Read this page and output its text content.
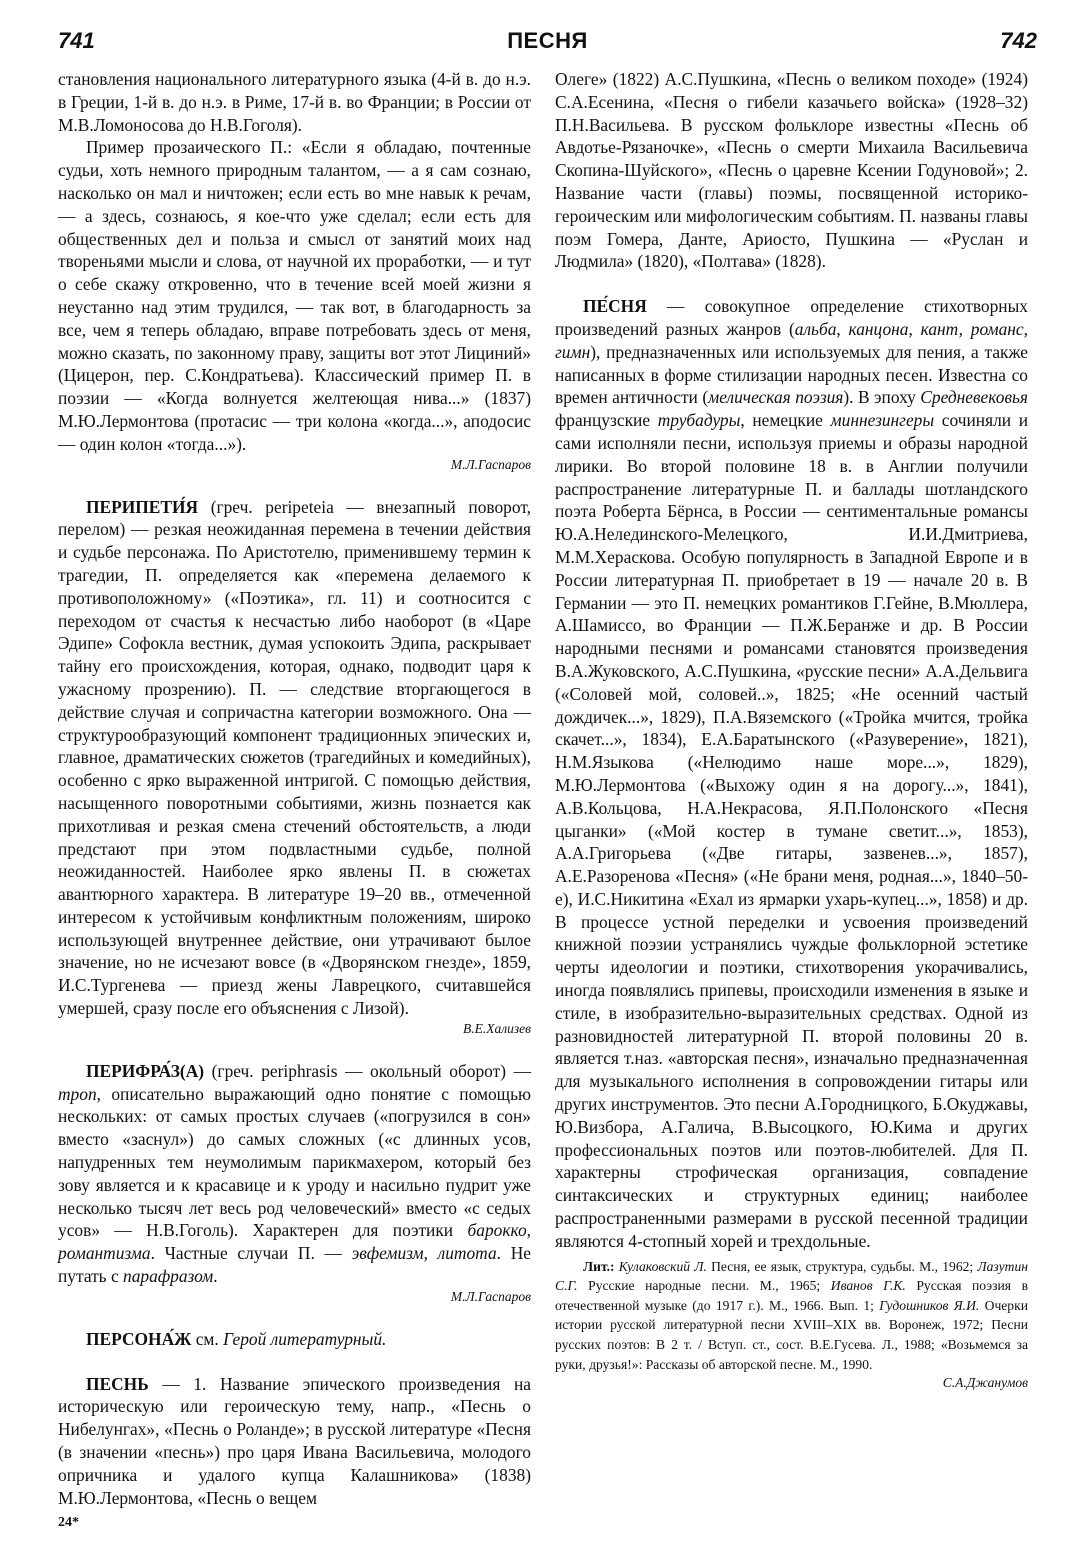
741	ПЕСНЯ	742

становления национального литературного языка (4-й в. до н.э. в Греции, 1-й в. до н.э. в Риме, 17-й в. во Франции; в России от М.В.Ломоносова до Н.В.Гоголя).

Пример прозаического П.: «Если я обладаю, почтенные судьи, хоть немного природным талантом, — а я сам сознаю, насколько он мал и ничтожен; если есть во мне навык к речам, — а здесь, сознаюсь, я кое-что уже сделал; если есть для общественных дел и польза и смысл от занятий моих над твореньями мысли и слова, от научной их проработки, — и тут о себе скажу откровенно, что в течение всей моей жизни я неустанно над этим трудился, — так вот, в благодарность за все, чем я теперь обладаю, вправе потребовать здесь от меня, можно сказать, по законному праву, защиты вот этот Лициний» (Цицерон, пер. С.Кондратьева). Классический пример П. в поэзии — «Когда волнуется желтеющая нива...» (1837) М.Ю.Лермонтова (протасис — три колона «когда...», аподосис — один колон «тогда...»).
М.Л.Гаспаров

ПЕРИПЕТИ́Я (греч. peripeteia — внезапный поворот, перелом) — резкая неожиданная перемена в течении действия и судьбе персонажа. По Аристотелю, применившему термин к трагедии, П. определяется как «перемена делаемого к противоположному» («Поэтика», гл. 11) и соотносится с переходом от счастья к несчастью либо наоборот (в «Царе Эдипе» Софокла вестник, думая успокоить Эдипа, раскрывает тайну его происхождения, которая, однако, подводит царя к ужасному прозрению). П. — следствие вторгающегося в действие случая и сопричастна категории возможного. Она — структурообразующий компонент традиционных эпических и, главное, драматических сюжетов (трагедийных и комедийных), особенно с ярко выраженной интригой. С помощью действия, насыщенного поворотными событиями, жизнь познается как прихотливая и резкая смена стечений обстоятельств, а люди предстают при этом подвластными судьбе, полной неожиданностей. Наиболее ярко явлены П. в сюжетах авантюрного характера. В литературе 19–20 вв., отмеченной интересом к устойчивым конфликтным положениям, широко использующей внутреннее действие, они утрачивают былое значение, но не исчезают вовсе (в «Дворянском гнезде», 1859, И.С.Тургенева — приезд жены Лаврецкого, считавшейся умершей, сразу после его объяснения с Лизой).
В.Е.Хализев

ПЕРИФРА́З(А) (греч. periphrasis — окольный оборот) — троп, описательно выражающий одно понятие с помощью нескольких: от самых простых случаев («погрузился в сон» вместо «заснул») до самых сложных («с длинных усов, напудренных тем неумолимым парикмахером, который без зову является и к красавице и к уроду и насильно пудрит уже несколько тысяч лет весь род человеческий» вместо «с седых усов» — Н.В.Гоголь). Характерен для поэтики барокко, романтизма. Частные случаи П. — эвфемизм, литота. Не путать с парафразом.
М.Л.Гаспаров

ПЕРСОНА́Ж см. Герой литературный.

ПЕСНЬ — 1. Название эпического произведения на историческую или героическую тему, напр., «Песнь о Нибелунгах», «Песнь о Роланде»; в русской литературе «Песня (в значении «песнь») про царя Ивана Васильевича, молодого опричника и удалого купца Калашникова» (1838) М.Ю.Лермонтова, «Песнь о вещем

Олеге» (1822) А.С.Пушкина, «Песнь о великом походе» (1924) С.А.Есенина, «Песня о гибели казачьего войска» (1928–32) П.Н.Васильева. В русском фольклоре известны «Песнь об Авдотье-Рязаночке», «Песнь о смерти Михаила Васильевича Скопина-Шуйского», «Песнь о царевне Ксении Годуновой»; 2. Название части (главы) поэмы, посвященной историко-героическим или мифологическим событиям. П. названы главы поэм Гомера, Данте, Ариосто, Пушкина — «Руслан и Людмила» (1820), «Полтава» (1828).

ПЕ́СНЯ — совокупное определение стихотворных произведений разных жанров (альба, канцона, кант, романс, гимн), предназначенных или используемых для пения, а также написанных в форме стилизации народных песен. Известна со времен античности (мелическая поэзия). В эпоху Средневековья французские трубадуры, немецкие миннезингеры сочиняли и сами исполняли песни, используя приемы и образы народной лирики. Во второй половине 18 в. в Англии получили распространение литературные П. и баллады шотландского поэта Роберта Бёрнса, в России — сентиментальные романсы Ю.А.Нелединского-Мелецкого, И.И.Дмитриева, М.М.Хераскова. Особую популярность в Западной Европе и в России литературная П. приобретает в 19 — начале 20 в. В Германии — это П. немецких романтиков Г.Гейне, В.Мюллера, А.Шамиссо, во Франции — П.Ж.Беранже и др. В России народными песнями и романсами становятся произведения В.А.Жуковского, А.С.Пушкина, «русские песни» А.А.Дельвига («Соловей мой, соловей..», 1825; «Не осенний частый дождичек...», 1829), П.А.Вяземского («Тройка мчится, тройка скачет...», 1834), Е.А.Баратынского («Разуверение», 1821), Н.М.Языкова («Нелюдимо наше море...», 1829), М.Ю.Лермонтова («Выхожу один я на дорогу...», 1841), А.В.Кольцова, Н.А.Некрасова, Я.П.Полонского «Песня цыганки» («Мой костер в тумане светит...», 1853), А.А.Григорьева («Две гитары, зазвенев...», 1857), А.Е.Разоренова «Песня» («Не брани меня, родная...», 1840–50-е), И.С.Никитина «Ехал из ярмарки ухарь-купец...», 1858) и др. В процессе устной переделки и усвоения произведений книжной поэзии устранялись чуждые фольклорной эстетике черты идеологии и поэтики, стихотворения укорачивались, иногда появлялись припевы, происходили изменения в языке и стиле, в изобразительно-выразительных средствах. Одной из разновидностей литературной П. второй половины 20 в. является т.наз. «авторская песня», изначально предназначенная для музыкального исполнения в сопровождении гитары или других инструментов. Это песни А.Городницкого, Б.Окуджавы, Ю.Визбора, А.Галича, В.Высоцкого, Ю.Кима и других профессиональных поэтов или поэтов-любителей. Для П. характерны строфическая организация, совпадение синтаксических и структурных единиц; наиболее распространенными размерами в русской песенной традиции являются 4-стопный хорей и трехдольные.

Лит.: Кулаковский Л. Песня, ее язык, структура, судьбы. М., 1962; Лазутин С.Г. Русские народные песни. М., 1965; Иванов Г.К. Русская поэзия в отечественной музыке (до 1917 г.). М., 1966. Вып. 1; Гудошников Я.И. Очерки истории русской литературной песни XVIII–XIX вв. Воронеж, 1972; Песни русских поэтов: В 2 т. / Вступ. ст., сост. В.Е.Гусева. Л., 1988; «Возьмемся за руки, друзья!»: Рассказы об авторской песне. М., 1990.
С.А.Джанумов

24*
